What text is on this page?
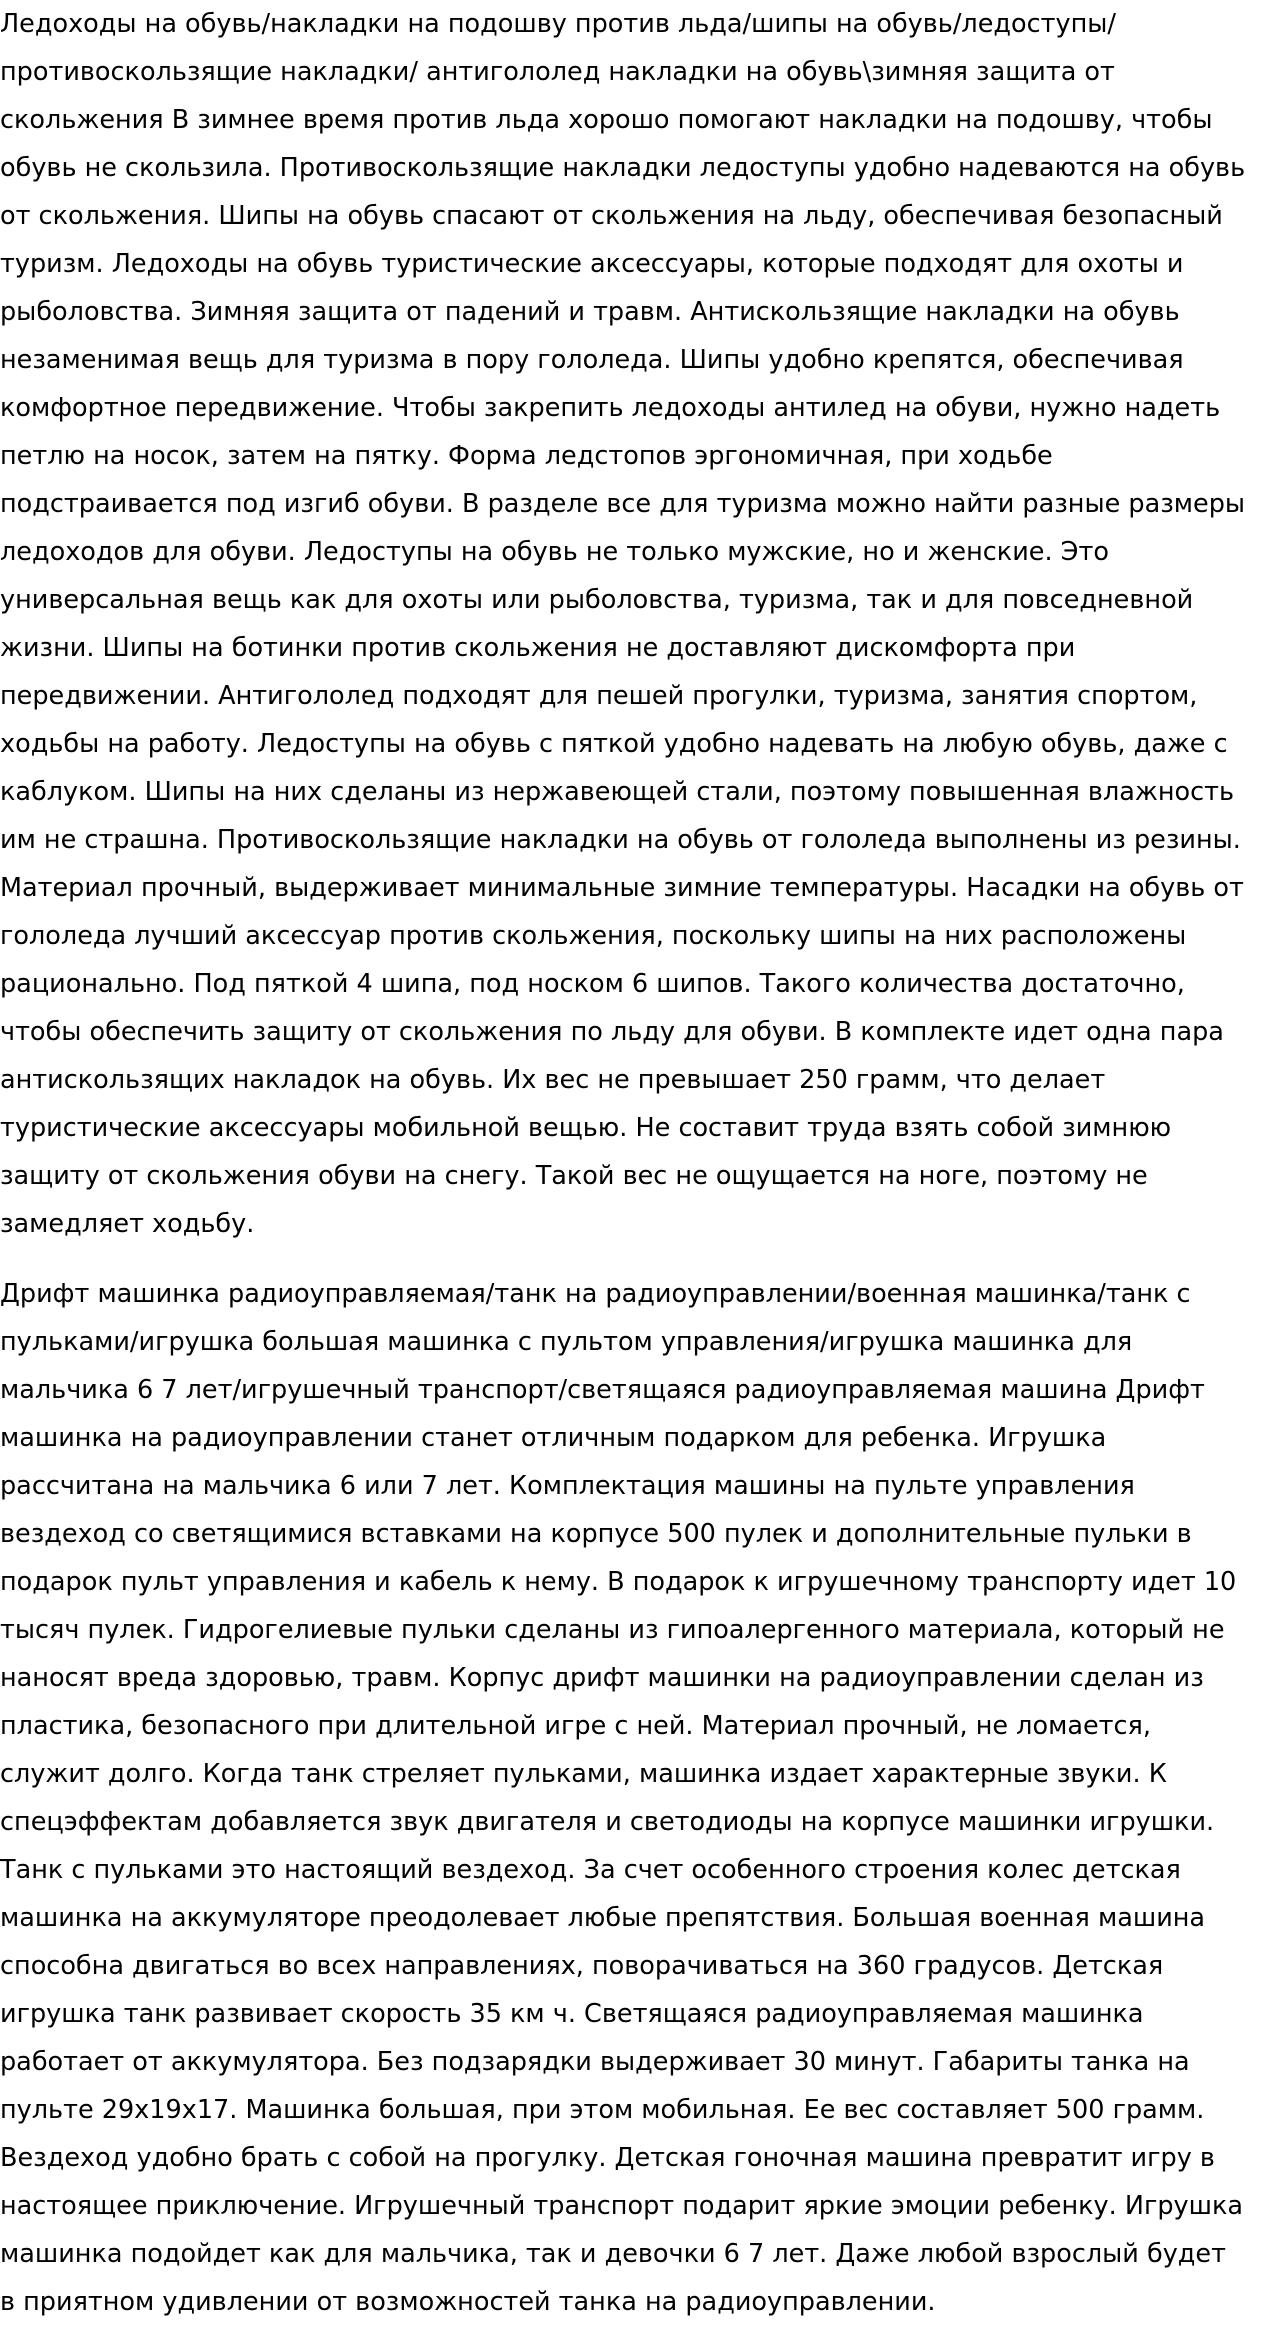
Ледоходы на обувь/накладки на подошву против льда/шипы на обувь/ледоступы/
противоскользящие накладки/ антигололед накладки на обувь\зимняя защита от
скольжения В зимнее время против льда хорошо помогают накладки на подошву, чтобы
обувь не скользила. Противоскользящие накладки ледоступы удобно надеваются на обувь
от скольжения. Шипы на обувь спасают от скольжения на льду, обеспечивая безопасный
туризм. Ледоходы на обувь туристические аксессуары, которые подходят для охоты и
рыболовства. Зимняя защита от падений и травм. Антискользящие накладки на обувь
незаменимая вещь для туризма в пору гололеда. Шипы удобно крепятся, обеспечивая
комфортное передвижение. Чтобы закрепить ледоходы антилед на обуви, нужно надеть
петлю на носок, затем на пятку. Форма ледстопов эргономичная, при ходьбе
подстраивается под изгиб обуви. В разделе все для туризма можно найти разные размеры
ледоходов для обуви. Ледоступы на обувь не только мужские, но и женские. Это
универсальная вещь как для охоты или рыболовства, туризма, так и для повседневной
жизни. Шипы на ботинки против скольжения не доставляют дискомфорта при
передвижении. Антигололед подходят для пешей прогулки, туризма, занятия спортом,
ходьбы на работу. Ледоступы на обувь с пяткой удобно надевать на любую обувь, даже с
каблуком. Шипы на них сделаны из нержавеющей стали, поэтому повышенная влажность
им не страшна. Противоскользящие накладки на обувь от гололеда выполнены из резины.
Материал прочный, выдерживает минимальные зимние температуры. Насадки на обувь от
гололеда лучший аксессуар против скольжения, поскольку шипы на них расположены
рационально. Под пяткой 4 шипа, под носком 6 шипов. Такого количества достаточно,
чтобы обеспечить защиту от скольжения по льду для обуви. В комплекте идет одна пара
антискользящих накладок на обувь. Их вес не превышает 250 грамм, что делает
туристические аксессуары мобильной вещью. Не составит труда взять собой зимнюю
защиту от скольжения обуви на снегу. Такой вес не ощущается на ноге, поэтому не
замедляет ходьбу.

Дрифт машинка радиоуправляемая/танк на радиоуправлении/военная машинка/танк с
пульками/игрушка большая машинка с пультом управления/игрушка машинка для
мальчика 6 7 лет/игрушечный транспорт/светящаяся радиоуправляемая машина Дрифт
машинка на радиоуправлении станет отличным подарком для ребенка. Игрушка
рассчитана на мальчика 6 или 7 лет. Комплектация машины на пульте управления
вездеход со светящимися вставками на корпусе 500 пулек и дополнительные пульки в
подарок пульт управления и кабель к нему. В подарок к игрушечному транспорту идет 10
тысяч пулек. Гидрогелиевые пульки сделаны из гипоалергенного материала, который не
наносят вреда здоровью, травм. Корпус дрифт машинки на радиоуправлении сделан из
пластика, безопасного при длительной игре с ней. Материал прочный, не ломается,
служит долго. Когда танк стреляет пульками, машинка издает характерные звуки. К
спецэффектам добавляется звук двигателя и светодиоды на корпусе машинки игрушки.
Танк с пульками это настоящий вездеход. За счет особенного строения колес детская
машинка на аккумуляторе преодолевает любые препятствия. Большая военная машина
способна двигаться во всех направлениях, поворачиваться на 360 градусов. Детская
игрушка танк развивает скорость 35 км ч. Светящаяся радиоуправляемая машинка
работает от аккумулятора. Без подзарядки выдерживает 30 минут. Габариты танка на
пульте 29х19х17. Машинка большая, при этом мобильная. Ее вес составляет 500 грамм.
Вездеход удобно брать с собой на прогулку. Детская гоночная машина превратит игру в
настоящее приключение. Игрушечный транспорт подарит яркие эмоции ребенку. Игрушка
машинка подойдет как для мальчика, так и девочки 6 7 лет. Даже любой взрослый будет
в приятном удивлении от возможностей танка на радиоуправлении.
